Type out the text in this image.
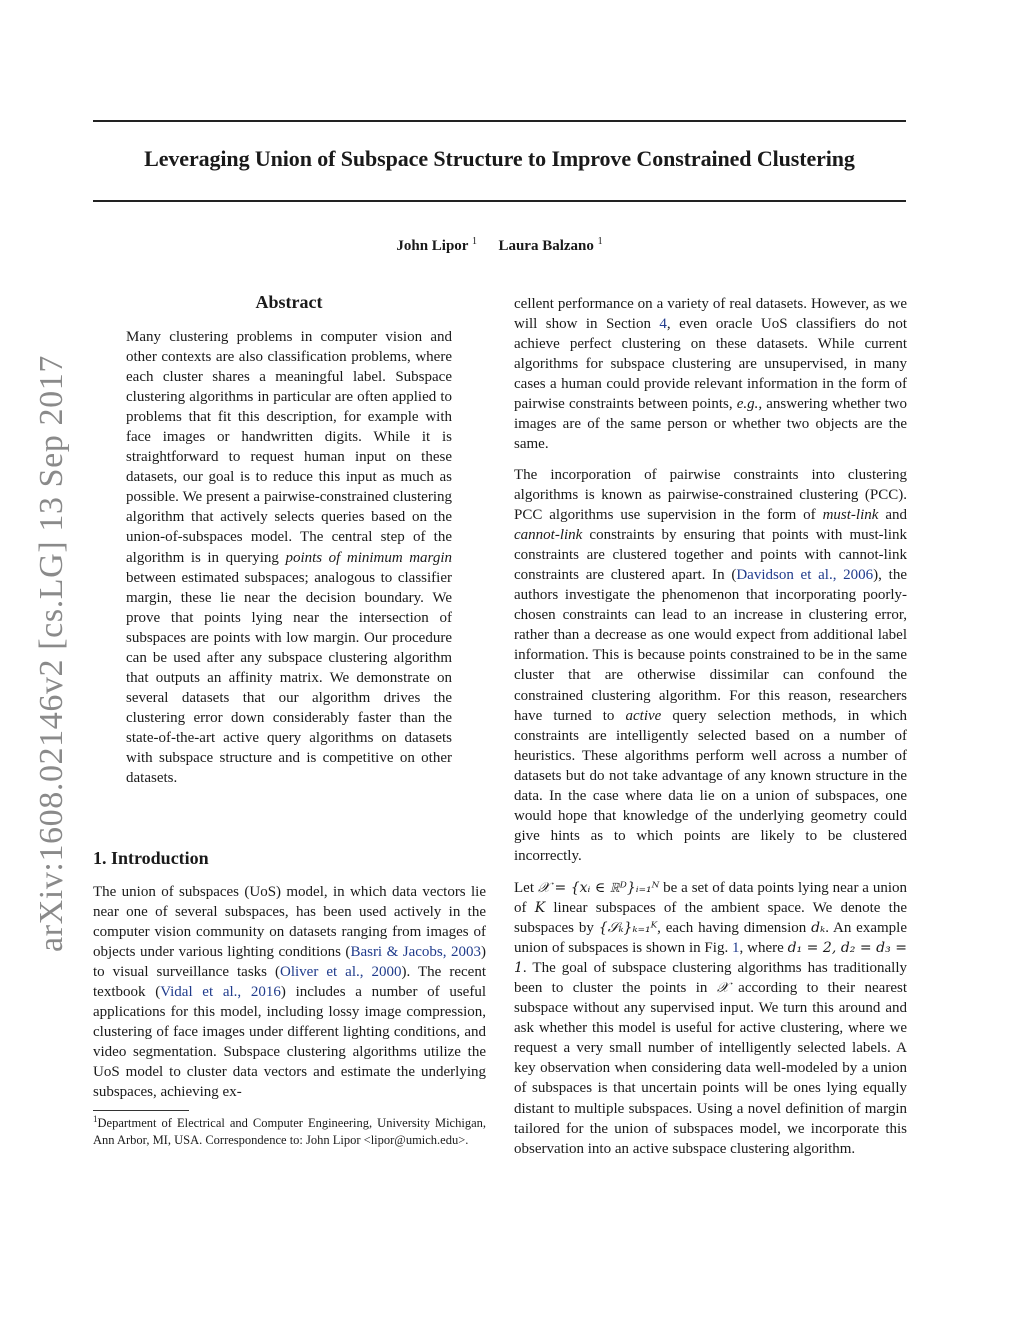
arXiv:1608.02146v2 [cs.LG] 13 Sep 2017
Leveraging Union of Subspace Structure to Improve Constrained Clustering
John Lipor $^1$ Laura Balzano $^1$
Abstract

Many clustering problems in computer vision and other contexts are also classification problems, where each cluster shares a meaningful label. Subspace clustering algorithms in particular are often applied to problems that fit this description, for example with face images or handwritten digits. While it is straightforward to request human input on these datasets, our goal is to reduce this input as much as possible. We present a pairwise-constrained clustering algorithm that actively selects queries based on the union-of-subspaces model. The central step of the algorithm is in querying points of minimum margin between estimated subspaces; analogous to classifier margin, these lie near the decision boundary. We prove that points lying near the intersection of subspaces are points with low margin. Our procedure can be used after any subspace clustering algorithm that outputs an affinity matrix. We demonstrate on several datasets that our algorithm drives the clustering error down considerably faster than the state-of-the-art active query algorithms on datasets with subspace structure and is competitive on other datasets.

1. Introduction

The union of subspaces (UoS) model, in which data vectors lie near one of several subspaces, has been used actively in the computer vision community on datasets ranging from images of objects under various lighting conditions (Basri & Jacobs, 2003) to visual surveillance tasks (Oliver et al., 2000). The recent textbook (Vidal et al., 2016) includes a number of useful applications for this model, including lossy image compression, clustering of face images under different lighting conditions, and video segmentation. Subspace clustering algorithms utilize the UoS model to cluster data vectors and estimate the underlying subspaces, achieving ex-

$^1$Department of Electrical and Computer Engineering, University Michigan, Ann Arbor, MI, USA. Correspondence to: John Lipor <lipor@umich.edu>.

cellent performance on a variety of real datasets. However, as we will show in Section 4, even oracle UoS classifiers do not achieve perfect clustering on these datasets. While current algorithms for subspace clustering are unsupervised, in many cases a human could provide relevant information in the form of pairwise constraints between points, e.g., answering whether two images are of the same person or whether two objects are the same.

The incorporation of pairwise constraints into clustering algorithms is known as pairwise-constrained clustering (PCC). PCC algorithms use supervision in the form of must-link and cannot-link constraints by ensuring that points with must-link constraints are clustered together and points with cannot-link constraints are clustered apart. In (Davidson et al., 2006), the authors investigate the phenomenon that incorporating poorly-chosen constraints can lead to an increase in clustering error, rather than a decrease as one would expect from additional label information. This is because points constrained to be in the same cluster that are otherwise dissimilar can confound the constrained clustering algorithm. For this reason, researchers have turned to active query selection methods, in which constraints are intelligently selected based on a number of heuristics. These algorithms perform well across a number of datasets but do not take advantage of any known structure in the data. In the case where data lie on a union of subspaces, one would hope that knowledge of the underlying geometry could give hints as to which points are likely to be clustered incorrectly.

Let 𝒳 = {xᵢ ∈ ℝᴰ}ᵢ₌₁ᴺ be a set of data points lying near a union of K linear subspaces of the ambient space. We denote the subspaces by {𝒮ₖ}ₖ₌₁ᴷ, each having dimension dₖ. An example union of subspaces is shown in Fig. 1, where d₁ = 2, d₂ = d₃ = 1. The goal of subspace clustering algorithms has traditionally been to cluster the points in 𝒳 according to their nearest subspace without any supervised input. We turn this around and ask whether this model is useful for active clustering, where we request a very small number of intelligently selected labels. A key observation when considering data well-modeled by a union of subspaces is that uncertain points will be ones lying equally distant to multiple subspaces. Using a novel definition of margin tailored for the union of subspaces model, we incorporate this observation into an active subspace clustering algorithm.
